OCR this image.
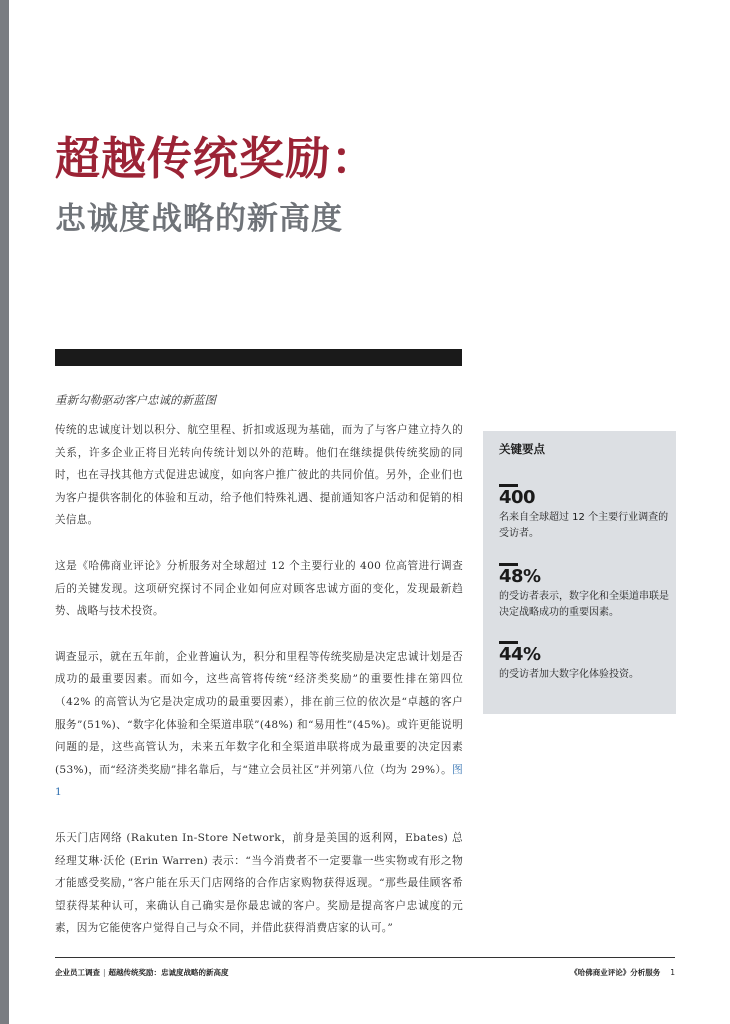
超越传统奖励：
忠诚度战略的新高度
重新勾勒驱动客户忠诚的新蓝图

传统的忠诚度计划以积分、航空里程、折扣或返现为基础，而为了与客户建立持久的关系，许多企业正将目光转向传统计划以外的范畴。他们在继续提供传统奖励的同时，也在寻找其他方式促进忠诚度，如向客户推广彼此的共同价值。另外，企业们也为客户提供客制化的体验和互动，给予他们特殊礼遇、提前通知客户活动和促销的相关信息。

这是《哈佛商业评论》分析服务对全球超过 12 个主要行业的 400 位高管进行调查后的关键发现。这项研究探讨不同企业如何应对顾客忠诚方面的变化，发现最新趋势、战略与技术投资。

调查显示，就在五年前，企业普遍认为，积分和里程等传统奖励是决定忠诚计划是否成功的最重要因素。而如今，这些高管将传统“经济类奖励”的重要性排在第四位（42% 的高管认为它是决定成功的最重要因素），排在前三位的依次是“卓越的客户服务”(51%)、“数字化体验和全渠道串联”(48%) 和“易用性”(45%)。或许更能说明问题的是，这些高管认为，未来五年数字化和全渠道串联将成为最重要的决定因素 (53%)，而“经济类奖励”排名靠后，与“建立会员社区”并列第八位（均为 29%）。图1

乐天门店网络 (Rakuten In-Store Network，前身是美国的返利网，Ebates) 总经理艾琳·沃伦 (Erin Warren) 表示：“当今消费者不一定要靠一些实物或有形之物才能感受奖励，”客户能在乐天门店网络的合作店家购物获得返现。“那些最佳顾客希望获得某种认可，来确认自己确实是你最忠诚的客户。奖励是提高客户忠诚度的元素，因为它能使客户觉得自己与众不同，并借此获得消费店家的认可。”

关键要点
400
名来自全球超过 12 个主要行业调查的受访者。
48%
的受访者表示，数字化和全渠道串联是决定战略成功的重要因素。
44%
的受访者加大数字化体验投资。
企业员工调查 | 超越传统奖励：忠诚度战略的新高度	《哈佛商业评论》分析服务 1
